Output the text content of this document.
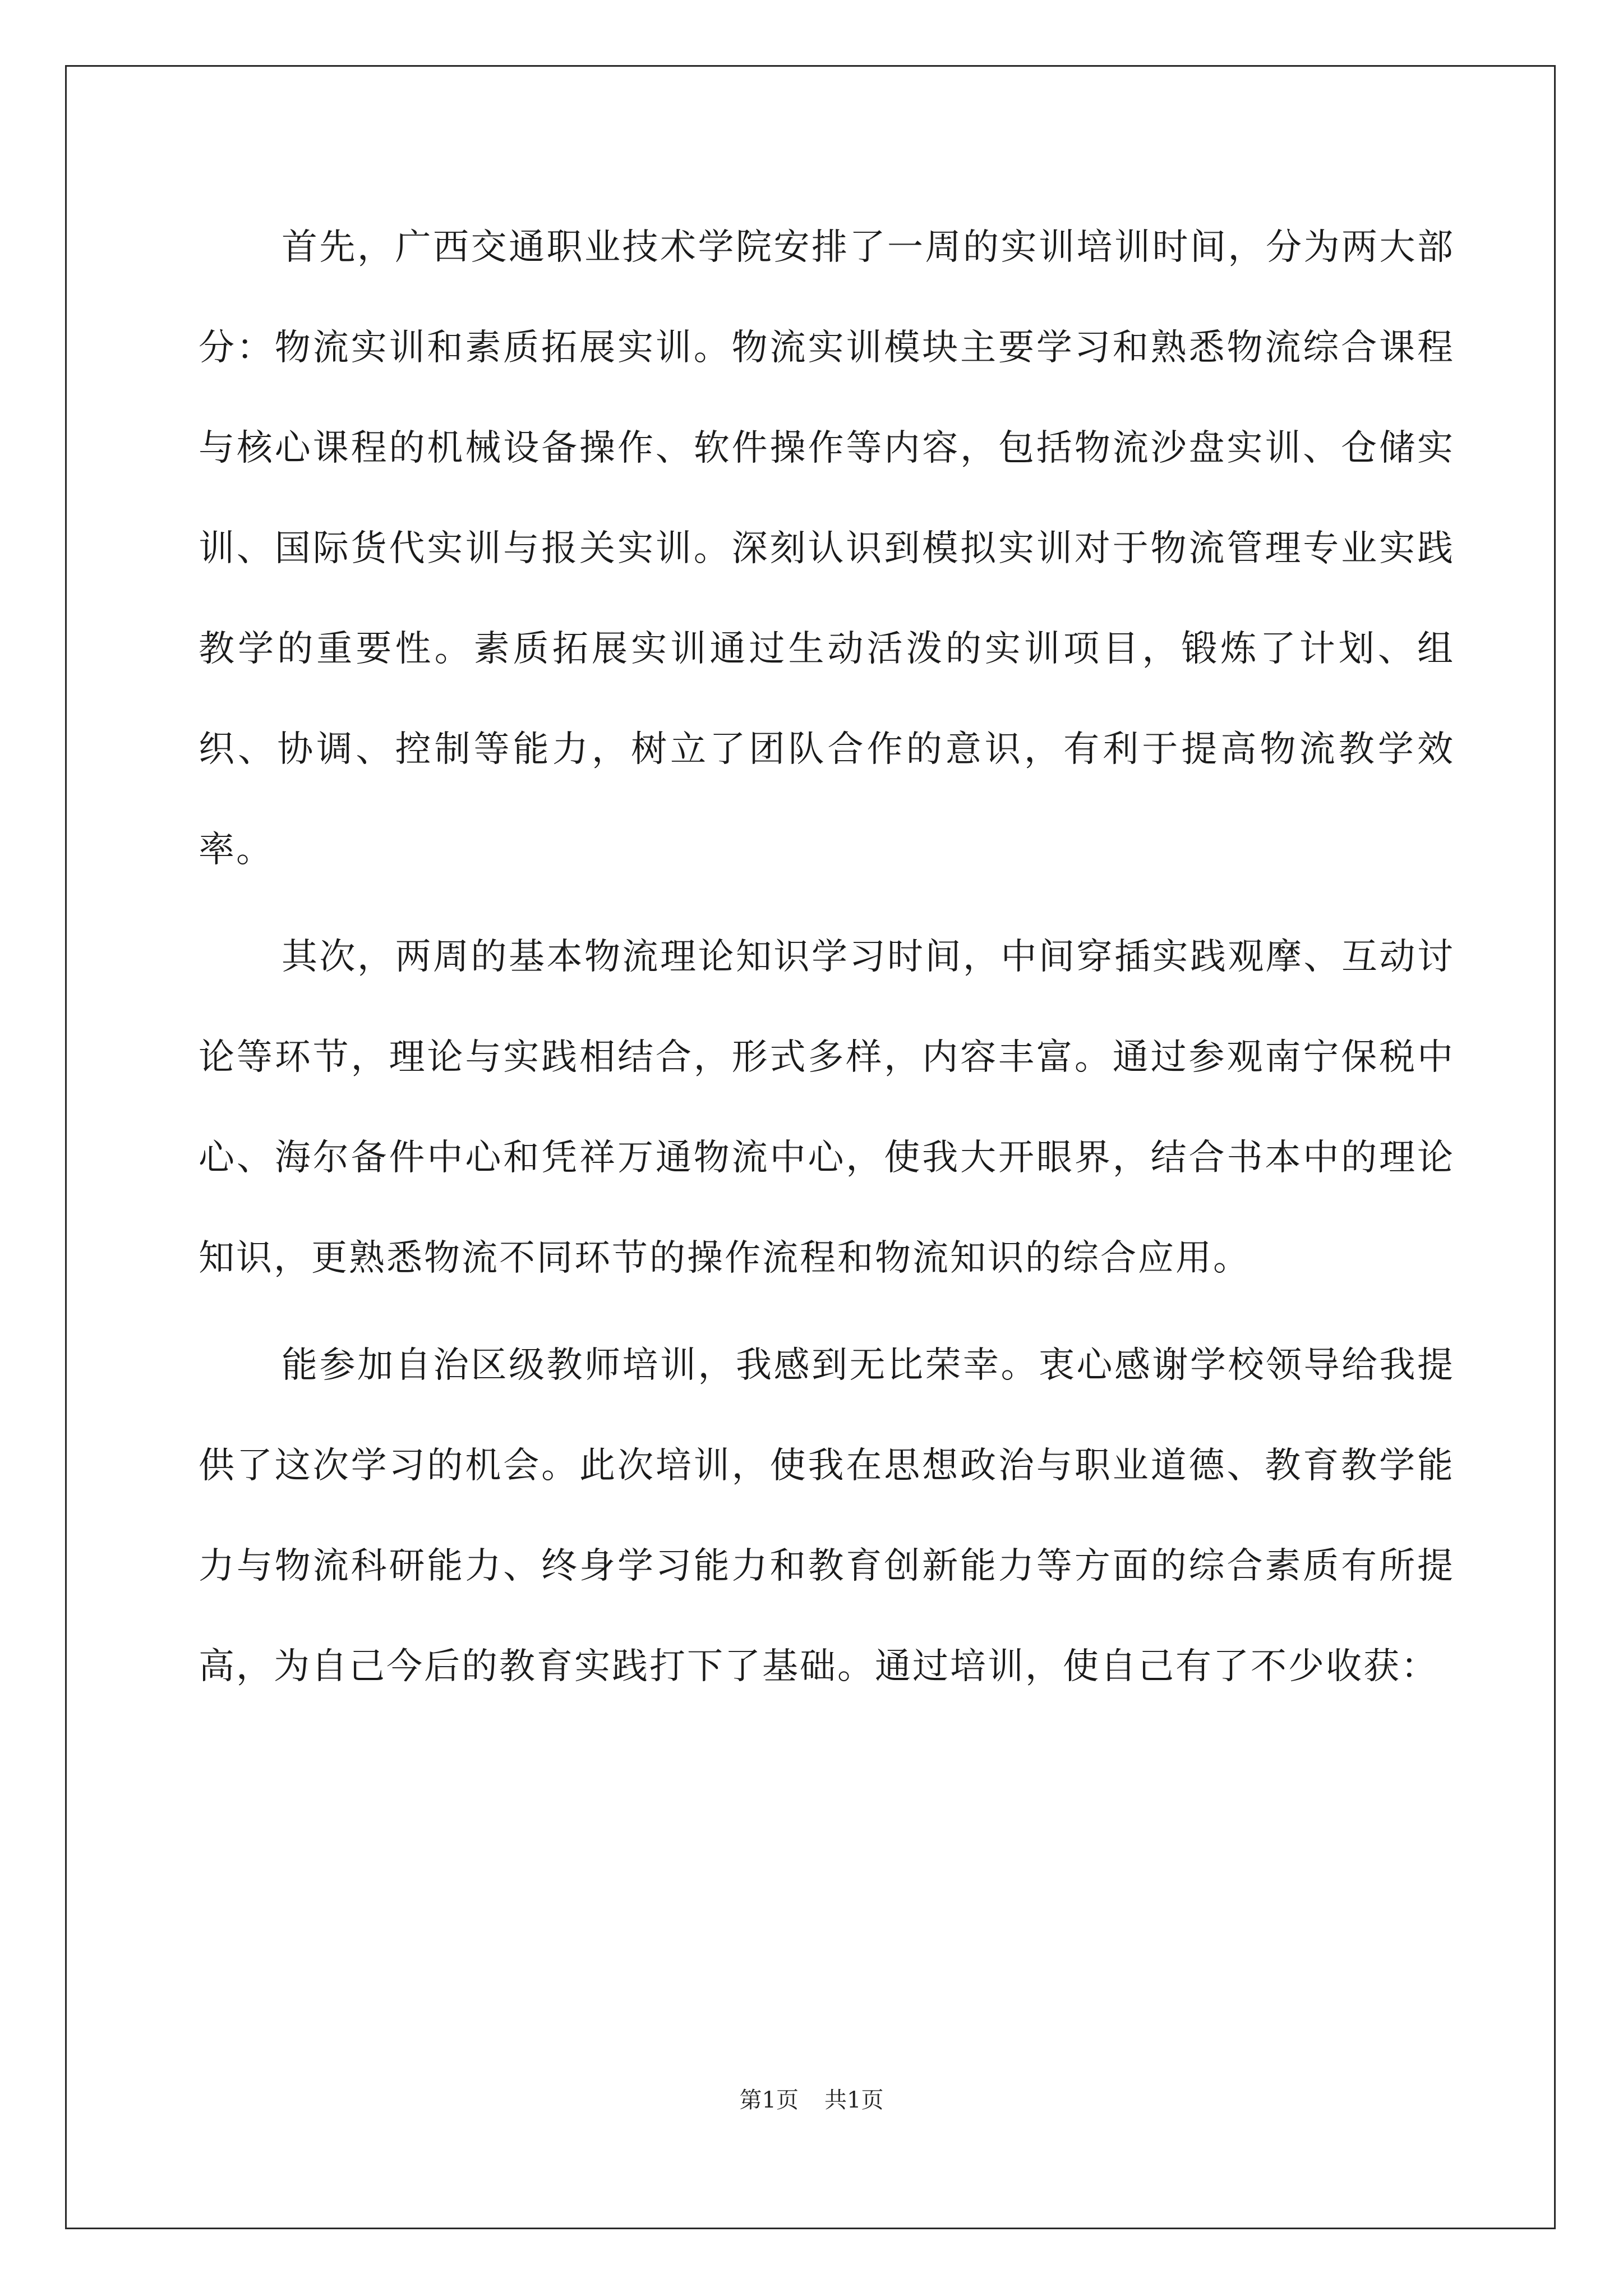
首先，广西交通职业技术学院安排了一周的实训培训时间，分为两大部分：物流实训和素质拓展实训。物流实训模块主要学习和熟悉物流综合课程与核心课程的机械设备操作、软件操作等内容，包括物流沙盘实训、仓储实训、国际货代实训与报关实训。深刻认识到模拟实训对于物流管理专业实践教学的重要性。素质拓展实训通过生动活泼的实训项目，锻炼了计划、组织、协调、控制等能力，树立了团队合作的意识，有利于提高物流教学效率。

其次，两周的基本物流理论知识学习时间，中间穿插实践观摩、互动讨论等环节，理论与实践相结合，形式多样，内容丰富。通过参观南宁保税中心、海尔备件中心和凭祥万通物流中心，使我大开眼界，结合书本中的理论知识，更熟悉物流不同环节的操作流程和物流知识的综合应用。

能参加自治区级教师培训，我感到无比荣幸。衷心感谢学校领导给我提供了这次学习的机会。此次培训，使我在思想政治与职业道德、教育教学能力与物流科研能力、终身学习能力和教育创新能力等方面的综合素质有所提高，为自己今后的教育实践打下了基础。通过培训，使自己有了不少收获：

第1页 共1页
